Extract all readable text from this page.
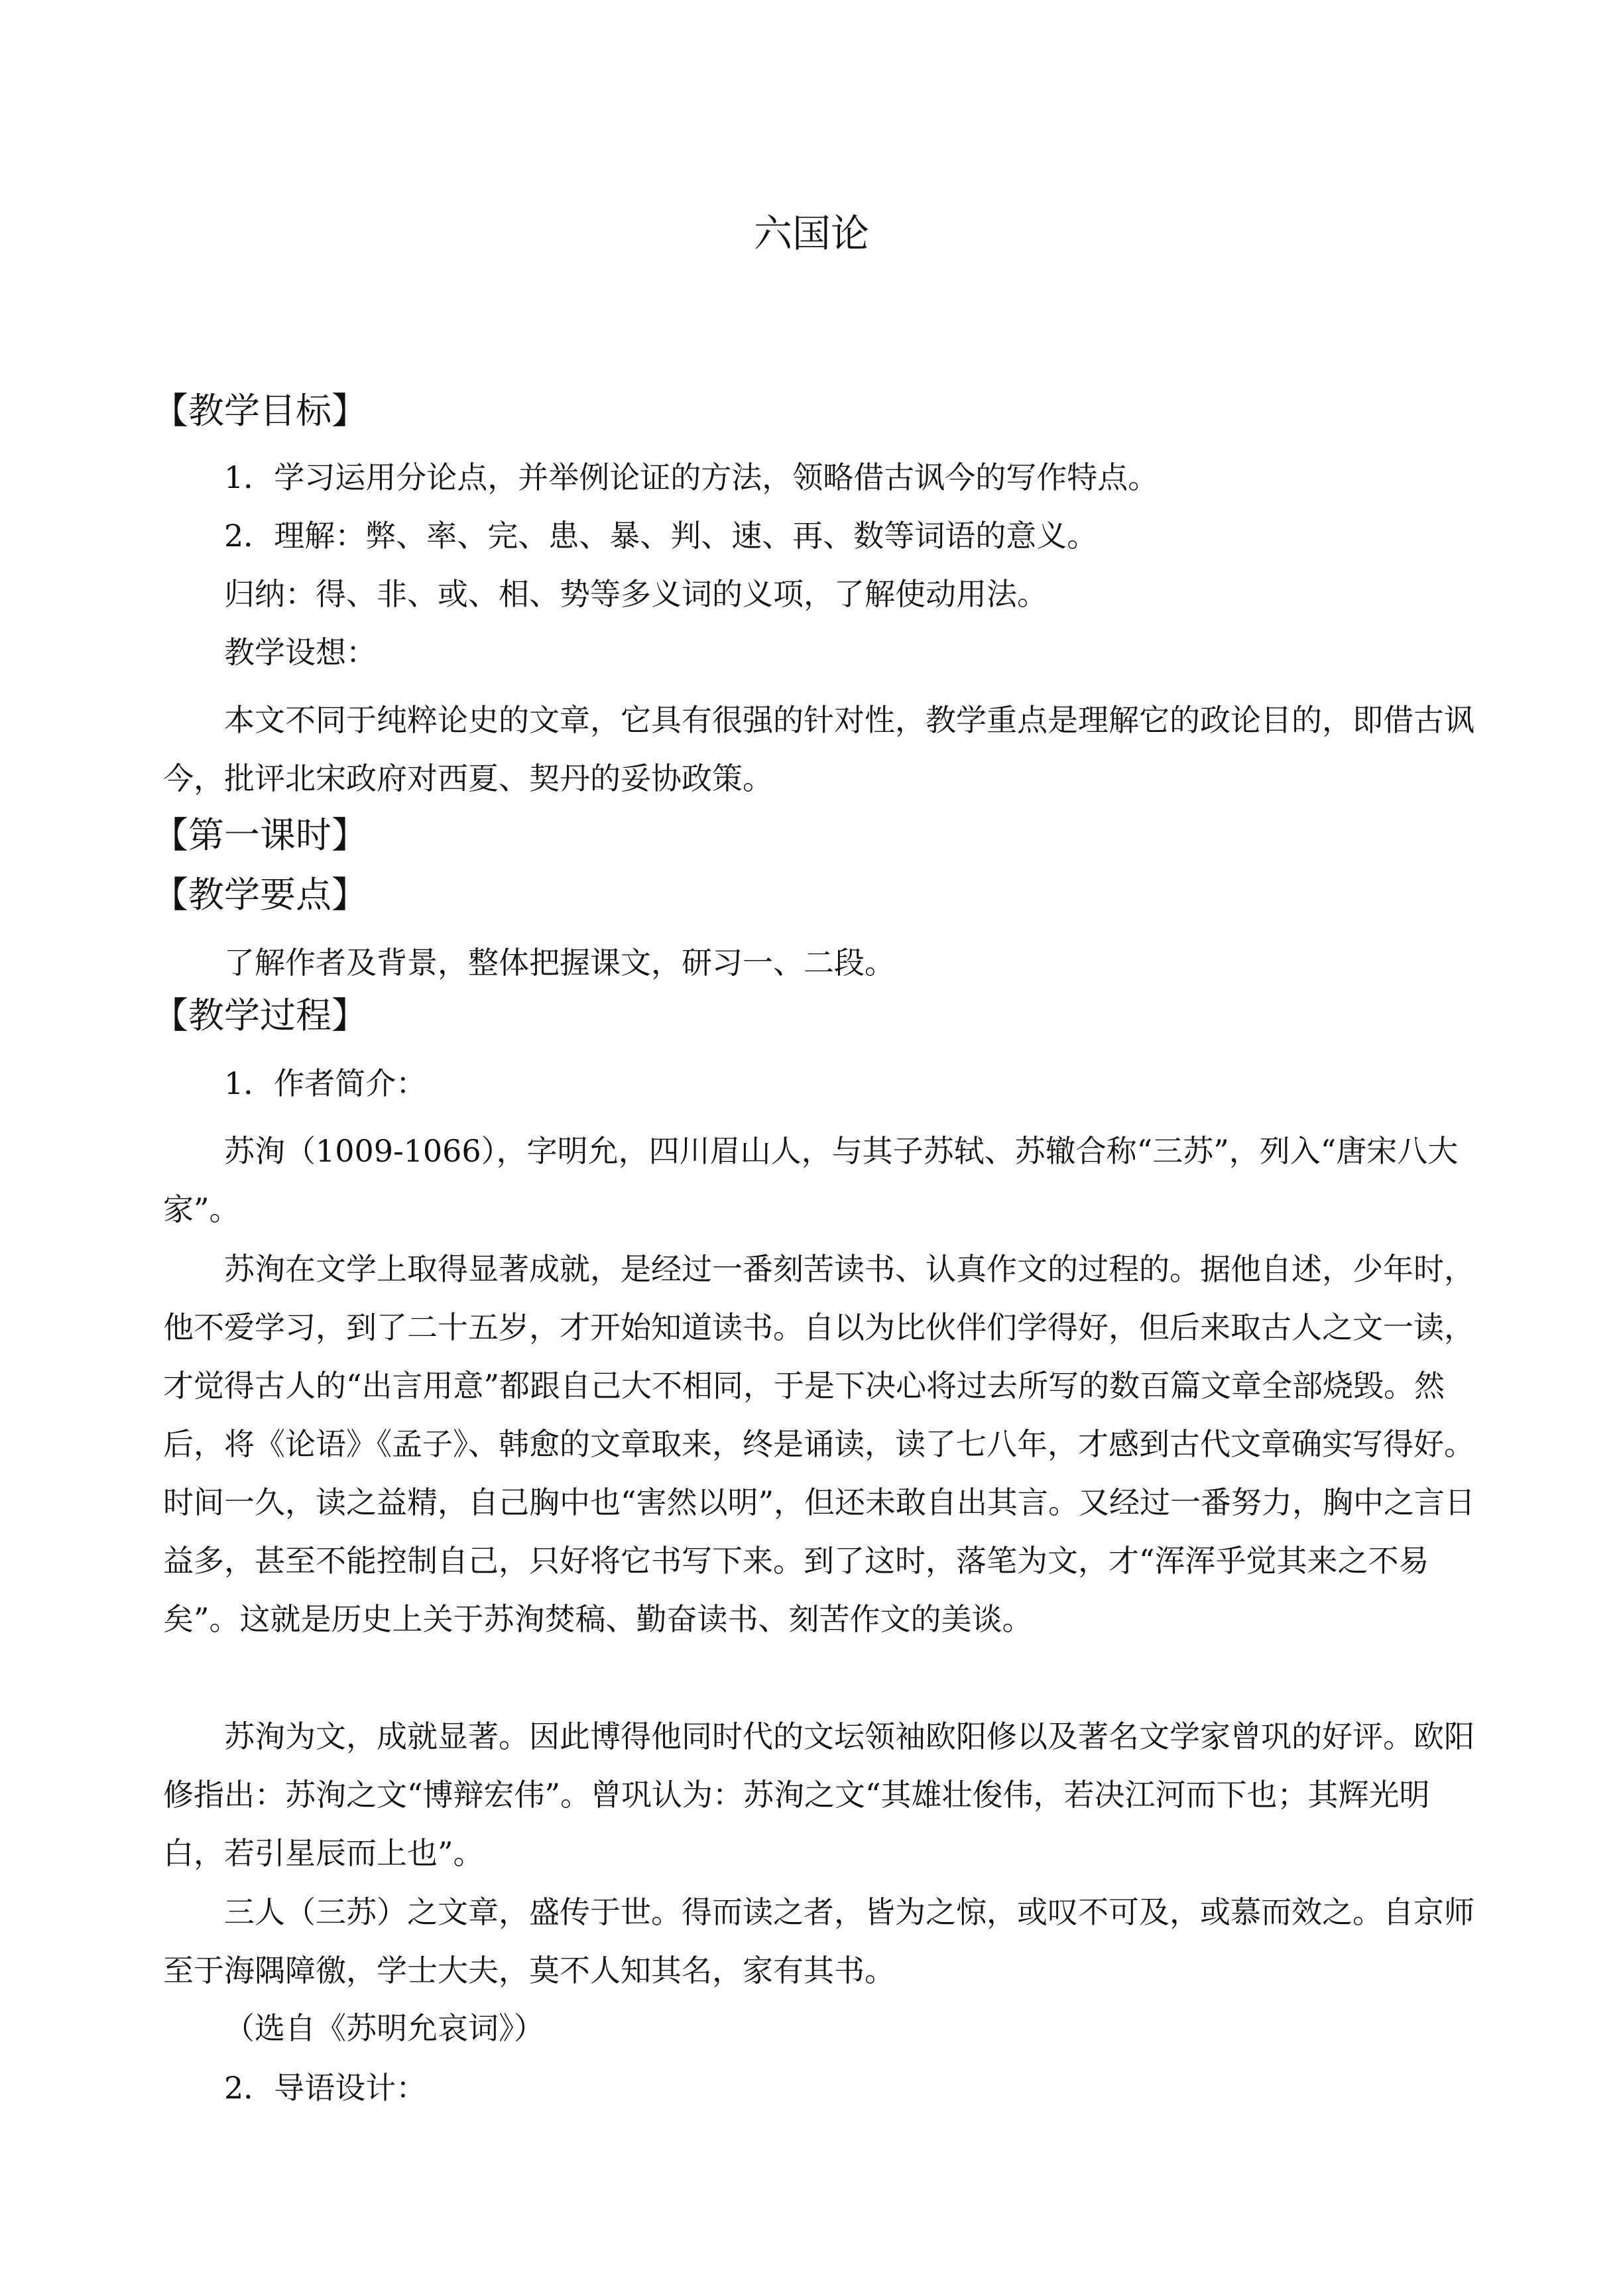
六国论
【教学目标】

1．学习运用分论点，并举例论证的方法，领略借古讽今的写作特点。

2．理解：弊、率、完、患、暴、判、速、再、数等词语的意义。

归纳：得、非、或、相、势等多义词的义项，了解使动用法。

教学设想：

本文不同于纯粹论史的文章，它具有很强的针对性，教学重点是理解它的政论目的，即借古讽今，批评北宋政府对西夏、契丹的妥协政策。

【第一课时】
【教学要点】

了解作者及背景，整体把握课文，研习一、二段。

【教学过程】

1．作者简介：

苏洵（1009-1066），字明允，四川眉山人，与其子苏轼、苏辙合称“三苏”，列入“唐宋八大家”。

苏洵在文学上取得显著成就，是经过一番刻苦读书、认真作文的过程的。据他自述，少年时，他不爱学习，到了二十五岁，才开始知道读书。自以为比伙伴们学得好，但后来取古人之文一读，才觉得古人的“出言用意”都跟自己大不相同，于是下决心将过去所写的数百篇文章全部烧毁。然后，将《论语》《孟子》、韩愈的文章取来，终是诵读，读了七八年，才感到古代文章确实写得好。时间一久，读之益精，自己胸中也“害然以明”，但还未敢自出其言。又经过一番努力，胸中之言日益多，甚至不能控制自己，只好将它书写下来。到了这时，落笔为文，才“浑浑乎觉其来之不易矣”。这就是历史上关于苏洵焚稿、勤奋读书、刻苦作文的美谈。

苏洵为文，成就显著。因此博得他同时代的文坛领袖欧阳修以及著名文学家曾巩的好评。欧阳修指出：苏洵之文“博辩宏伟”。曾巩认为：苏洵之文“其雄壮俊伟，若决江河而下也；其辉光明白，若引星辰而上也”。

三人（三苏）之文章，盛传于世。得而读之者，皆为之惊，或叹不可及，或慕而效之。自京师至于海隅障徼，学士大夫，莫不人知其名，家有其书。

（选自《苏明允哀词》）

2．导语设计：
